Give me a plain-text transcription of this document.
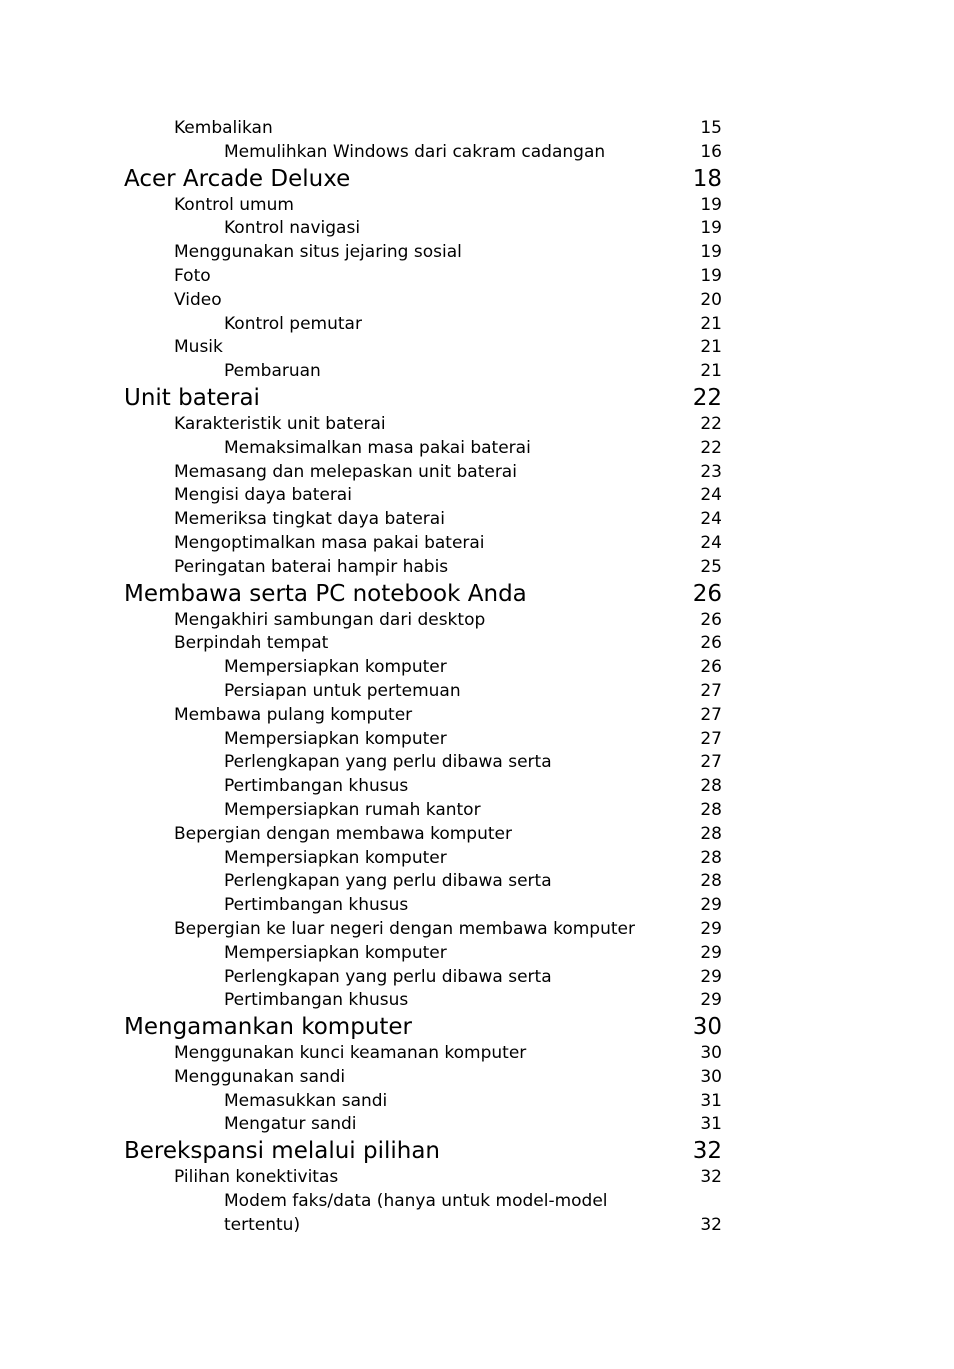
Kembalikan	15
Memulihkan Windows dari cakram cadangan	16
Acer Arcade Deluxe	18
Kontrol umum	19
Kontrol navigasi	19
Menggunakan situs jejaring sosial	19
Foto	19
Video	20
Kontrol pemutar	21
Musik	21
Pembaruan	21
Unit baterai	22
Karakteristik unit baterai	22
Memaksimalkan masa pakai baterai	22
Memasang dan melepaskan unit baterai	23
Mengisi daya baterai	24
Memeriksa tingkat daya baterai	24
Mengoptimalkan masa pakai baterai	24
Peringatan baterai hampir habis	25
Membawa serta PC notebook Anda	26
Mengakhiri sambungan dari desktop	26
Berpindah tempat	26
Mempersiapkan komputer	26
Persiapan untuk pertemuan	27
Membawa pulang komputer	27
Mempersiapkan komputer	27
Perlengkapan yang perlu dibawa serta	27
Pertimbangan khusus	28
Mempersiapkan rumah kantor	28
Bepergian dengan membawa komputer	28
Mempersiapkan komputer	28
Perlengkapan yang perlu dibawa serta	28
Pertimbangan khusus	29
Bepergian ke luar negeri dengan membawa komputer	29
Mempersiapkan komputer	29
Perlengkapan yang perlu dibawa serta	29
Pertimbangan khusus	29
Mengamankan komputer	30
Menggunakan kunci keamanan komputer	30
Menggunakan sandi	30
Memasukkan sandi	31
Mengatur sandi	31
Berekspansi melalui pilihan	32
Pilihan konektivitas	32
Modem faks/data (hanya untuk model-model tertentu)	32
